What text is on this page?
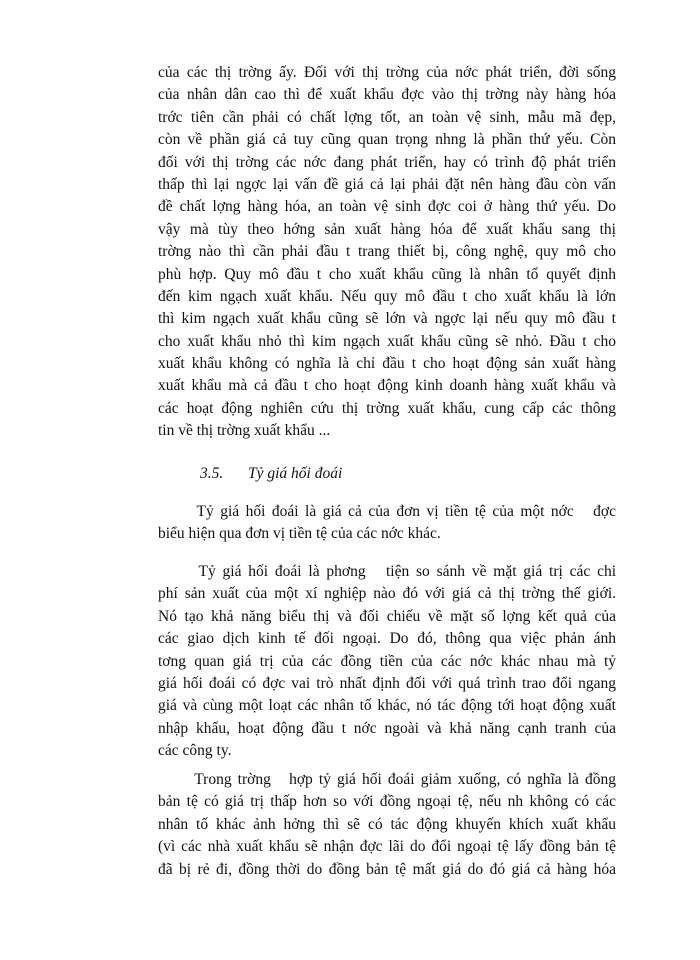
của các thị trờng ấy. Đối với thị trờng của nớc phát triển, đời sống
của nhân dân cao thì để xuất khẩu đợc vào thị trờng này hàng hóa
trớc tiên cần phải có chất lợng tốt, an toàn vệ sinh, mẫu mã đẹp,
còn về phần giá cả tuy cũng quan trọng nhng là phần thứ yếu. Còn
đối với thị trờng các nớc đang phát triển, hay có trình độ phát triển
thấp thì lại ngợc lại vấn đề giá cả lại phải đặt nên hàng đầu còn vấn
đề chất lợng hàng hóa, an toàn vệ sinh đợc coi ở hàng thứ yếu. Do
vậy mà tùy theo hớng sản xuất hàng hóa để xuất khẩu sang thị
trờng nào thì cần phải đầu t trang thiết bị, công nghệ, quy mô cho
phù hợp. Quy mô đầu t cho xuất khẩu cũng là nhân tố quyết định
đến kim ngạch xuất khẩu. Nếu quy mô đầu t cho xuất khẩu là lớn
thì kim ngạch xuất khẩu cũng sẽ lớn và ngợc lại nếu quy mô đầu t
cho xuất khẩu nhỏ thì kim ngạch xuất khẩu cũng sẽ nhỏ. Đầu t cho
xuất khẩu không có nghĩa là chỉ đầu t cho hoạt động sản xuất hàng
xuất khẩu mà cả đầu t cho hoạt động kinh doanh hàng xuất khẩu và
các hoạt động nghiên cứu thị trờng xuất khẩu, cung cấp các thông
tin về thị trờng xuất khẩu ...
3.5. Tỷ giá hối đoái
Tỷ giá hối đoái là giá cả của đơn vị tiền tệ của một nớc   đợc
biểu hiện qua đơn vị tiền tệ của các nớc khác.
Tỷ giá hối đoái là phơng   tiện so sánh về mặt giá trị các chi
phí sản xuất của một xí nghiệp nào đó với giá cả thị trờng thế giới.
Nó tạo khả năng biểu thị và đối chiếu về mặt số lợng kết quả của
các giao dịch kinh tế đối ngoại. Do đó, thông qua việc phản ánh
tơng quan giá trị của các đồng tiền của các nớc khác nhau mà tỷ
giá hối đoái có đợc vai trò nhất định đối với quá trình trao đổi ngang
giá và cùng một loạt các nhân tố khác, nó tác động tới hoạt động xuất
nhập khẩu, hoạt động đầu t nớc ngoài và khả năng cạnh tranh của
các công ty.
Trong trờng   hợp tỷ giá hối đoái giảm xuống, có nghĩa là đồng
bản tệ có giá trị thấp hơn so với đồng ngoại tệ, nếu nh không có các
nhân tố khác ảnh hởng thì sẽ có tác động khuyến khích xuất khẩu
(vì các nhà xuất khẩu sẽ nhận đợc lãi do đổi ngoại tệ lấy đồng bản tệ
đã bị rẻ đi, đồng thời do đồng bản tệ mất giá do đó giá cả hàng hóa
